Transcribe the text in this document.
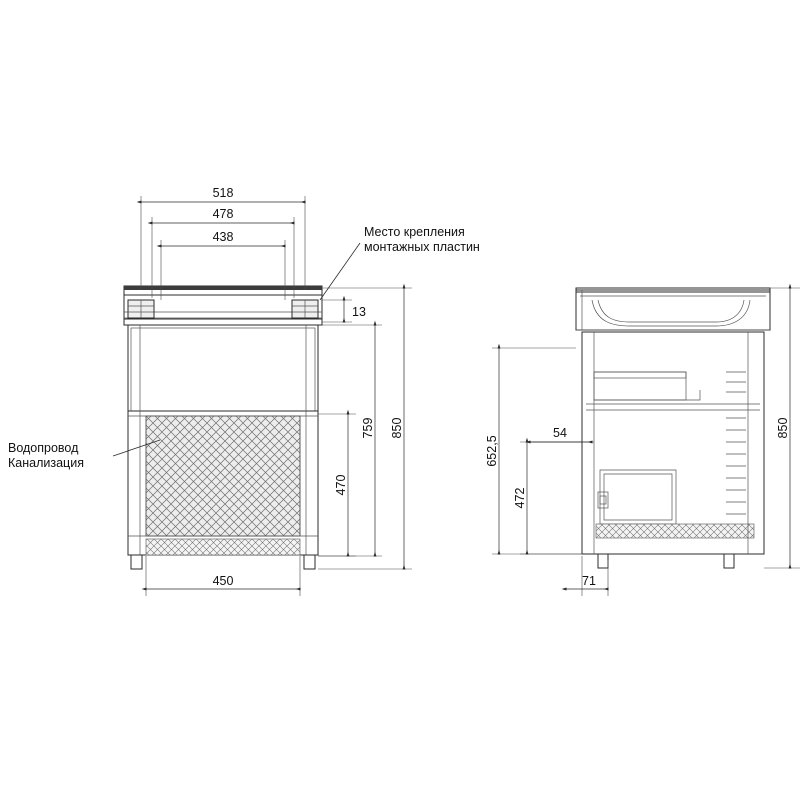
518
478
438
450
13
850
759
470
Место крепления
монтажных пластин
Водопровод
Канализация
850
652,5
472
54
71
